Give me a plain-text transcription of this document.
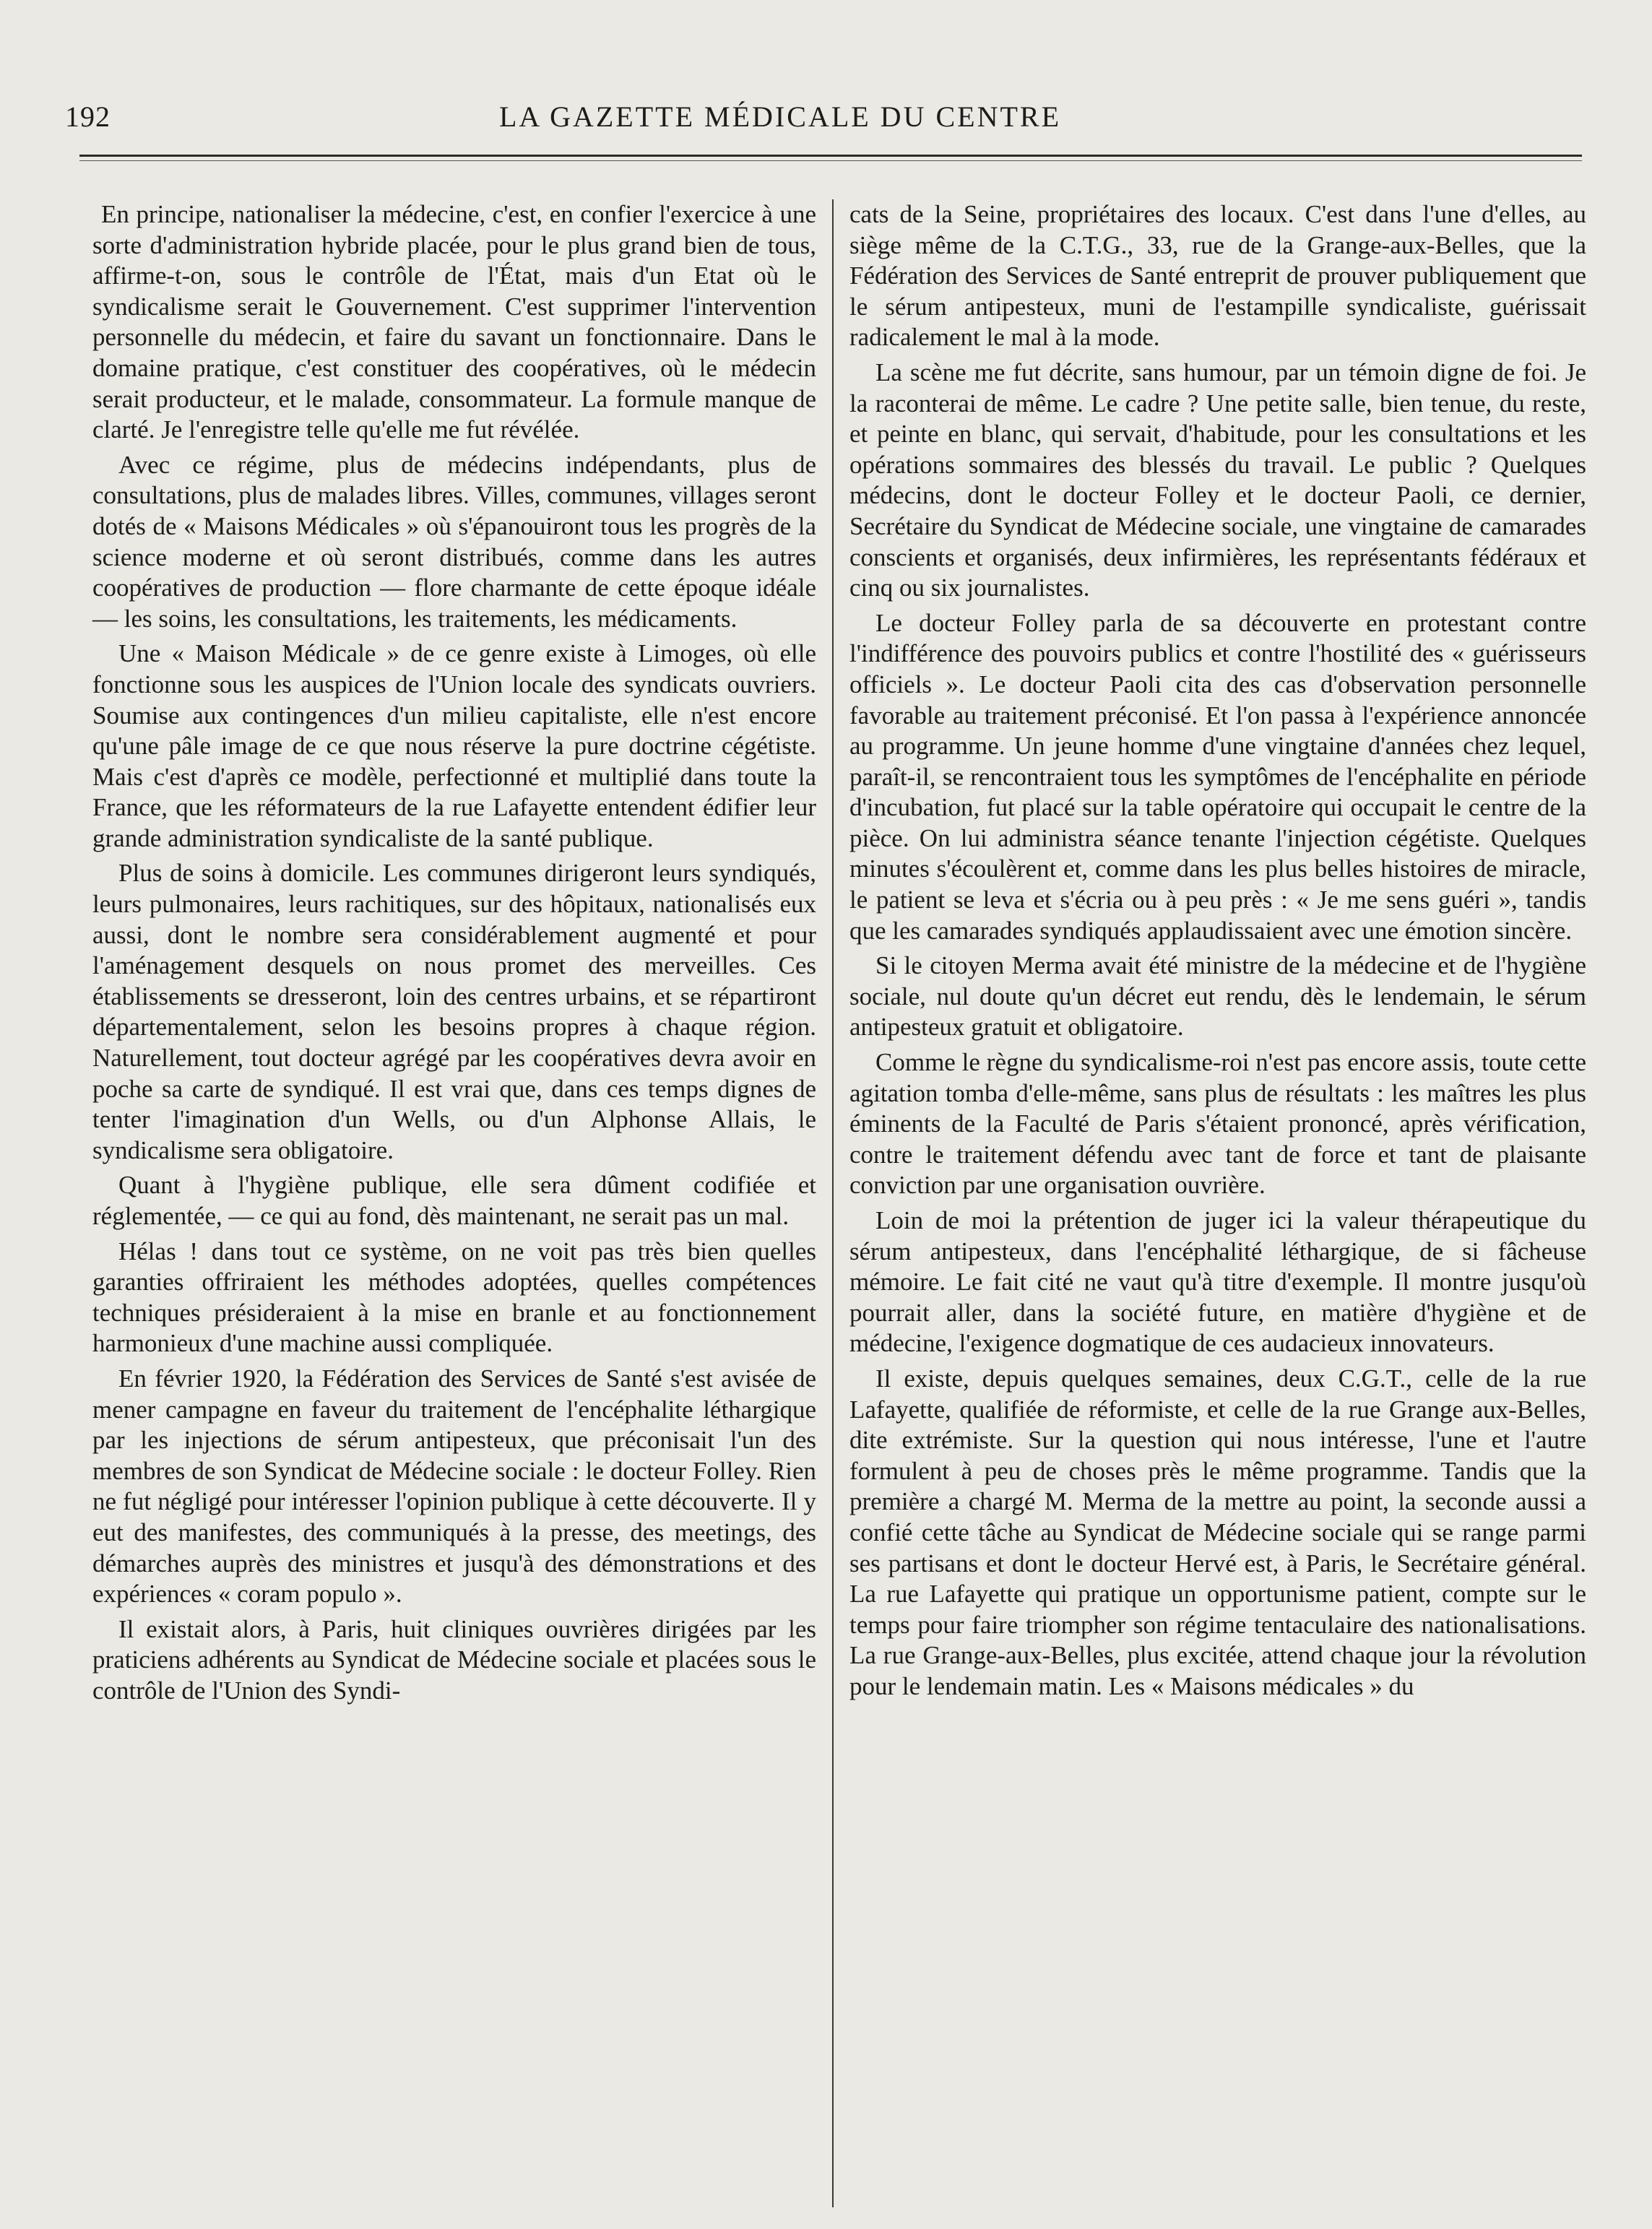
192	LA GAZETTE MÉDICALE DU CENTRE

En principe, nationaliser la médecine, c'est, en confier l'exercice à une sorte d'administration hybride placée, pour le plus grand bien de tous, affirme-t-on, sous le contrôle de l'État, mais d'un Etat où le syndicalisme serait le Gouvernement. C'est supprimer l'intervention personnelle du médecin, et faire du savant un fonctionnaire. Dans le domaine pratique, c'est constituer des coopératives, où le médecin serait producteur, et le malade, consommateur. La formule manque de clarté. Je l'enregistre telle qu'elle me fut révélée.

Avec ce régime, plus de médecins indépendants, plus de consultations, plus de malades libres. Villes, communes, villages seront dotés de « Maisons Médicales » où s'épanouiront tous les progrès de la science moderne et où seront distribués, comme dans les autres coopératives de production — flore charmante de cette époque idéale — les soins, les consultations, les traitements, les médicaments.

Une « Maison Médicale » de ce genre existe à Limoges, où elle fonctionne sous les auspices de l'Union locale des syndicats ouvriers. Soumise aux contingences d'un milieu capitaliste, elle n'est encore qu'une pâle image de ce que nous réserve la pure doctrine cégétiste. Mais c'est d'après ce modèle, perfectionné et multiplié dans toute la France, que les réformateurs de la rue Lafayette entendent édifier leur grande administration syndicaliste de la santé publique.

Plus de soins à domicile. Les communes dirigeront leurs syndiqués, leurs pulmonaires, leurs rachitiques, sur des hôpitaux, nationalisés eux aussi, dont le nombre sera considérablement augmenté et pour l'aménagement desquels on nous promet des merveilles. Ces établissements se dresseront, loin des centres urbains, et se répartiront départementalement, selon les besoins propres à chaque région. Naturellement, tout docteur agrégé par les coopératives devra avoir en poche sa carte de syndiqué. Il est vrai que, dans ces temps dignes de tenter l'imagination d'un Wells, ou d'un Alphonse Allais, le syndicalisme sera obligatoire.

Quant à l'hygiène publique, elle sera dûment codifiée et réglementée, — ce qui au fond, dès maintenant, ne serait pas un mal.

Hélas ! dans tout ce système, on ne voit pas très bien quelles garanties offriraient les méthodes adoptées, quelles compétences techniques présideraient à la mise en branle et au fonctionnement harmonieux d'une machine aussi compliquée.

En février 1920, la Fédération des Services de Santé s'est avisée de mener campagne en faveur du traitement de l'encéphalite léthargique par les injections de sérum antipesteux, que préconisait l'un des membres de son Syndicat de Médecine sociale : le docteur Folley. Rien ne fut négligé pour intéresser l'opinion publique à cette découverte. Il y eut des manifestes, des communiqués à la presse, des meetings, des démarches auprès des ministres et jusqu'à des démonstrations et des expériences « coram populo ».

Il existait alors, à Paris, huit cliniques ouvrières dirigées par les praticiens adhérents au Syndicat de Médecine sociale et placées sous le contrôle de l'Union des Syndi-

cats de la Seine, propriétaires des locaux. C'est dans l'une d'elles, au siège même de la C.T.G., 33, rue de la Grange-aux-Belles, que la Fédération des Services de Santé entreprit de prouver publiquement que le sérum antipesteux, muni de l'estampille syndicaliste, guérissait radicalement le mal à la mode.

La scène me fut décrite, sans humour, par un témoin digne de foi. Je la raconterai de même. Le cadre ? Une petite salle, bien tenue, du reste, et peinte en blanc, qui servait, d'habitude, pour les consultations et les opérations sommaires des blessés du travail. Le public ? Quelques médecins, dont le docteur Folley et le docteur Paoli, ce dernier, Secrétaire du Syndicat de Médecine sociale, une vingtaine de camarades conscients et organisés, deux infirmières, les représentants fédéraux et cinq ou six journalistes.

Le docteur Folley parla de sa découverte en protestant contre l'indifférence des pouvoirs publics et contre l'hostilité des « guérisseurs officiels ». Le docteur Paoli cita des cas d'observation personnelle favorable au traitement préconisé. Et l'on passa à l'expérience annoncée au programme. Un jeune homme d'une vingtaine d'années chez lequel, paraît-il, se rencontraient tous les symptômes de l'encéphalite en période d'incubation, fut placé sur la table opératoire qui occupait le centre de la pièce. On lui administra séance tenante l'injection cégétiste. Quelques minutes s'écoulèrent et, comme dans les plus belles histoires de miracle, le patient se leva et s'écria ou à peu près : « Je me sens guéri », tandis que les camarades syndiqués applaudissaient avec une émotion sincère.

Si le citoyen Merma avait été ministre de la médecine et de l'hygiène sociale, nul doute qu'un décret eut rendu, dès le lendemain, le sérum antipesteux gratuit et obligatoire.

Comme le règne du syndicalisme-roi n'est pas encore assis, toute cette agitation tomba d'elle-même, sans plus de résultats : les maîtres les plus éminents de la Faculté de Paris s'étaient prononcé, après vérification, contre le traitement défendu avec tant de force et tant de plaisante conviction par une organisation ouvrière.

Loin de moi la prétention de juger ici la valeur thérapeutique du sérum antipesteux, dans l'encéphalité léthargique, de si fâcheuse mémoire. Le fait cité ne vaut qu'à titre d'exemple. Il montre jusqu'où pourrait aller, dans la société future, en matière d'hygiène et de médecine, l'exigence dogmatique de ces audacieux innovateurs.

Il existe, depuis quelques semaines, deux C.G.T., celle de la rue Lafayette, qualifiée de réformiste, et celle de la rue Grange aux-Belles, dite extrémiste. Sur la question qui nous intéresse, l'une et l'autre formulent à peu de choses près le même programme. Tandis que la première a chargé M. Merma de la mettre au point, la seconde aussi a confié cette tâche au Syndicat de Médecine sociale qui se range parmi ses partisans et dont le docteur Hervé est, à Paris, le Secrétaire général. La rue Lafayette qui pratique un opportunisme patient, compte sur le temps pour faire triompher son régime tentaculaire des nationalisations. La rue Grange-aux-Belles, plus excitée, attend chaque jour la révolution pour le lendemain matin. Les « Maisons médicales » du
